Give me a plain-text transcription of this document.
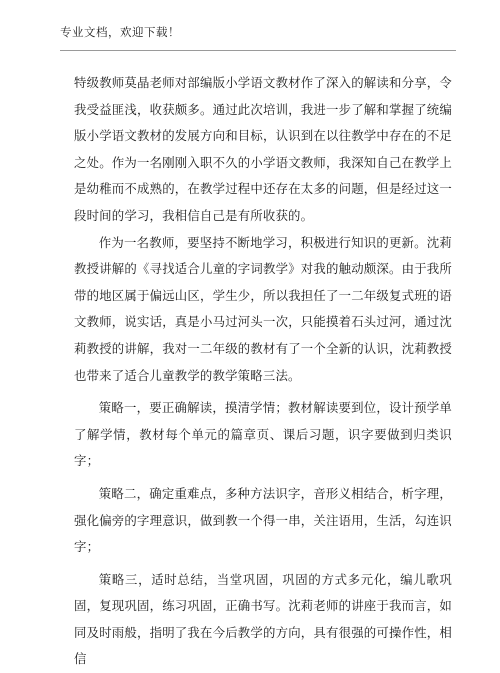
专业文档，欢迎下载！

特级教师莫晶老师对部编版小学语文教材作了深入的解读和分享，令我受益匪浅，收获颇多。通过此次培训，我进一步了解和掌握了统编版小学语文教材的发展方向和目标，认识到在以往教学中存在的不足之处。作为一名刚刚入职不久的小学语文教师，我深知自己在教学上是幼稚而不成熟的，在教学过程中还存在太多的问题，但是经过这一段时间的学习，我相信自己是有所收获的。

作为一名教师，要坚持不断地学习，积极进行知识的更新。沈莉教授讲解的《寻找适合儿童的字词教学》对我的触动颇深。由于我所带的地区属于偏远山区，学生少，所以我担任了一二年级复式班的语文教师，说实话，真是小马过河头一次，只能摸着石头过河，通过沈莉教授的讲解，我对一二年级的教材有了一个全新的认识，沈莉教授也带来了适合儿童教学的教学策略三法。

策略一，要正确解读，摸清学情；教材解读要到位，设计预学单了解学情，教材每个单元的篇章页、课后习题，识字要做到归类识字；

策略二，确定重难点，多种方法识字，音形义相结合，析字理，强化偏旁的字理意识，做到教一个得一串，关注语用，生活，勾连识字；

策略三，适时总结，当堂巩固，巩固的方式多元化，编儿歌巩固，复现巩固，练习巩固，正确书写。沈莉老师的讲座于我而言，如同及时雨般，指明了我在今后教学的方向，具有很强的可操作性，相信
